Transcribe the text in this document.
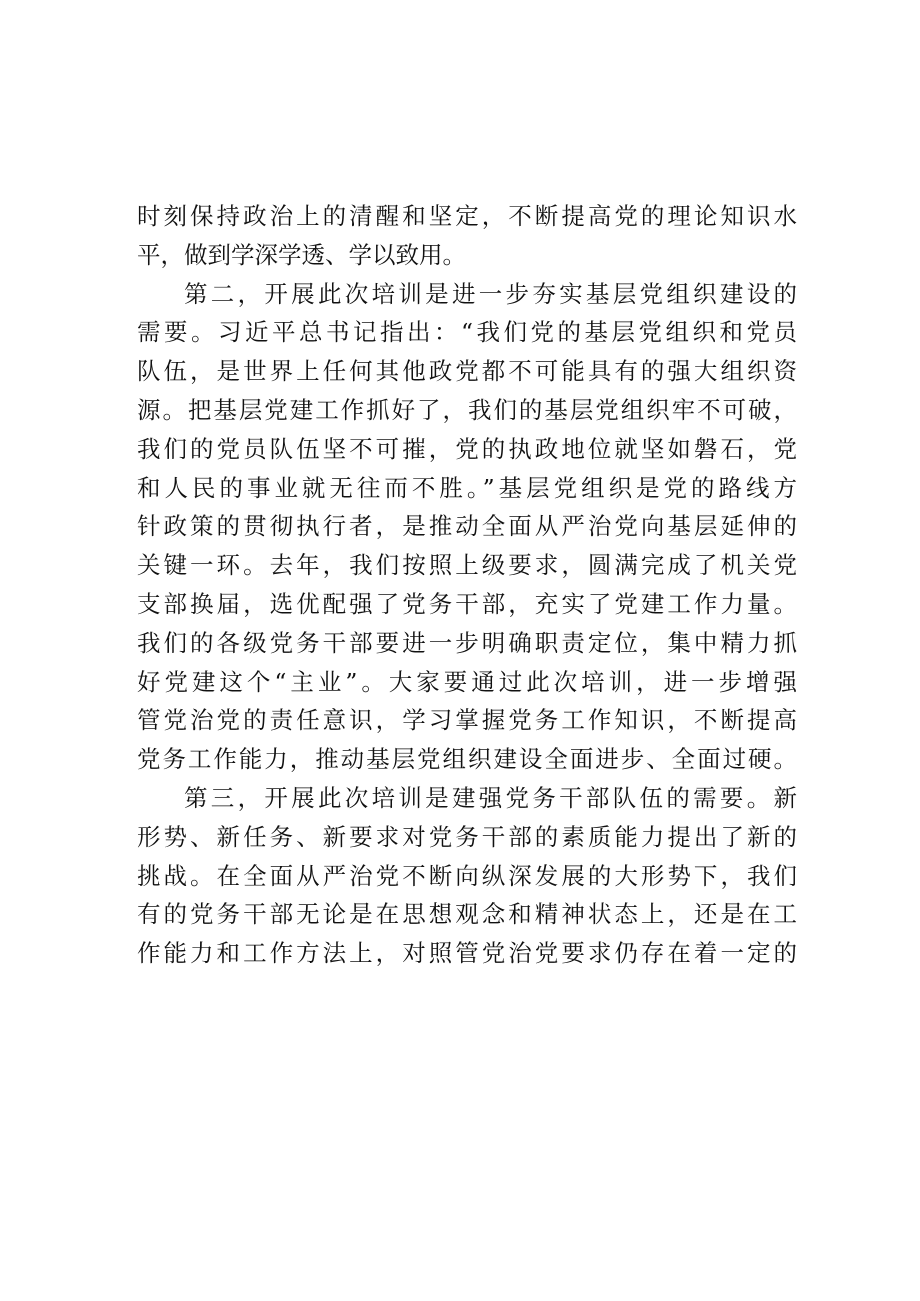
时刻保持政治上的清醒和坚定，不断提高党的理论知识水
平，做到学深学透、学以致用。
第二，开展此次培训是进一步夯实基层党组织建设的
需要。习近平总书记指出：“我们党的基层党组织和党员
队伍，是世界上任何其他政党都不可能具有的强大组织资
源。把基层党建工作抓好了，我们的基层党组织牢不可破，
我们的党员队伍坚不可摧，党的执政地位就坚如磐石，党
和人民的事业就无往而不胜。”基层党组织是党的路线方
针政策的贯彻执行者，是推动全面从严治党向基层延伸的
关键一环。去年，我们按照上级要求，圆满完成了机关党
支部换届，选优配强了党务干部，充实了党建工作力量。
我们的各级党务干部要进一步明确职责定位，集中精力抓
好党建这个“主业”。大家要通过此次培训，进一步增强
管党治党的责任意识，学习掌握党务工作知识，不断提高
党务工作能力，推动基层党组织建设全面进步、全面过硬。
第三，开展此次培训是建强党务干部队伍的需要。新
形势、新任务、新要求对党务干部的素质能力提出了新的
挑战。在全面从严治党不断向纵深发展的大形势下，我们
有的党务干部无论是在思想观念和精神状态上，还是在工
作能力和工作方法上，对照管党治党要求仍存在着一定的
